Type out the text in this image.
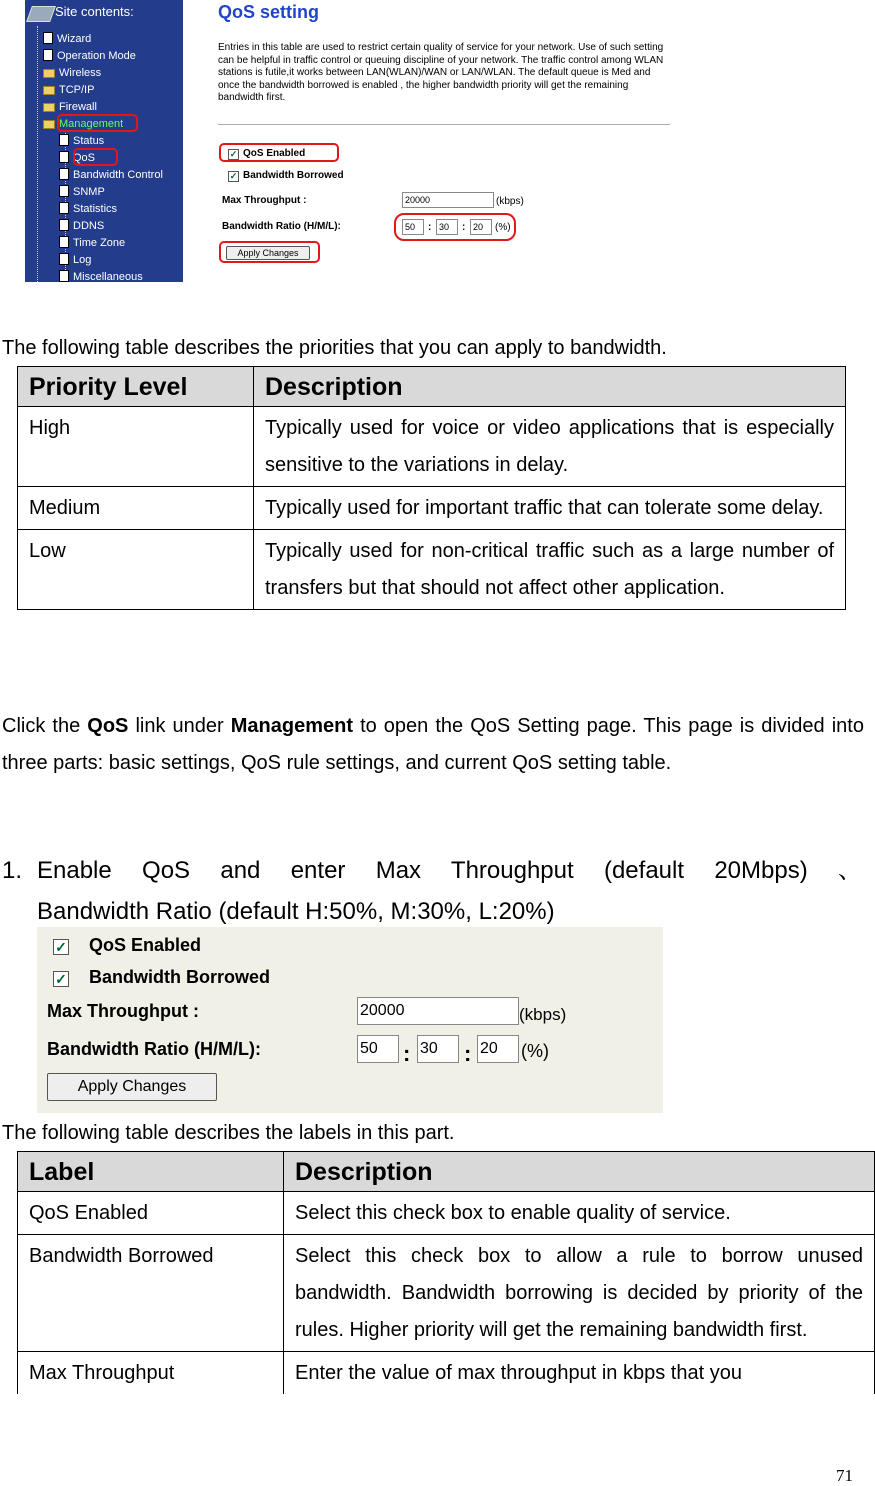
Site contents:
Wizard
Operation Mode
Wireless
TCP/IP
Firewall
Management
Status
QoS
Bandwidth Control
SNMP
Statistics
DDNS
Time Zone
Log
Miscellaneous
QoS setting
Entries in this table are used to restrict certain quality of service for your network. Use of such setting can be helpful in traffic control or queuing discipline of your network. The traffic control among WLAN stations is futile,it works between LAN(WLAN)/WAN or LAN/WLAN. The default queue is Med and once the bandwidth borrowed is enabled , the higher bandwidth priority will get the remaining bandwidth first.
✓ QoS Enabled
✓ Bandwidth Borrowed
Max Throughput :	20000	(kbps)
Bandwidth Ratio (H/M/L):	50	: 30	: 20	(%)
Apply Changes
The following table describes the priorities that you can apply to bandwidth.
Priority Level	Description
High	Typically used for voice or video applications that is especially sensitive to the variations in delay.
Medium	Typically used for important traffic that can tolerate some delay.
Low	Typically used for non-critical traffic such as a large number of transfers but that should not affect other application.
Click the QoS link under Management to open the QoS Setting page. This page is divided into three parts: basic settings, QoS rule settings, and current QoS setting table.
1. Enable QoS and enter Max Throughput (default 20Mbps) 、
Bandwidth Ratio (default H:50%, M:30%, L:20%)
✓ QoS Enabled
✓ Bandwidth Borrowed
Max Throughput :	20000	(kbps)
Bandwidth Ratio (H/M/L):	50	: 30	: 20	(%)
Apply Changes
The following table describes the labels in this part.
Label	Description
QoS Enabled	Select this check box to enable quality of service.
Bandwidth Borrowed	Select this check box to allow a rule to borrow unused bandwidth. Bandwidth borrowing is decided by priority of the rules. Higher priority will get the remaining bandwidth first.
Max Throughput	Enter the value of max throughput in kbps that you
71
